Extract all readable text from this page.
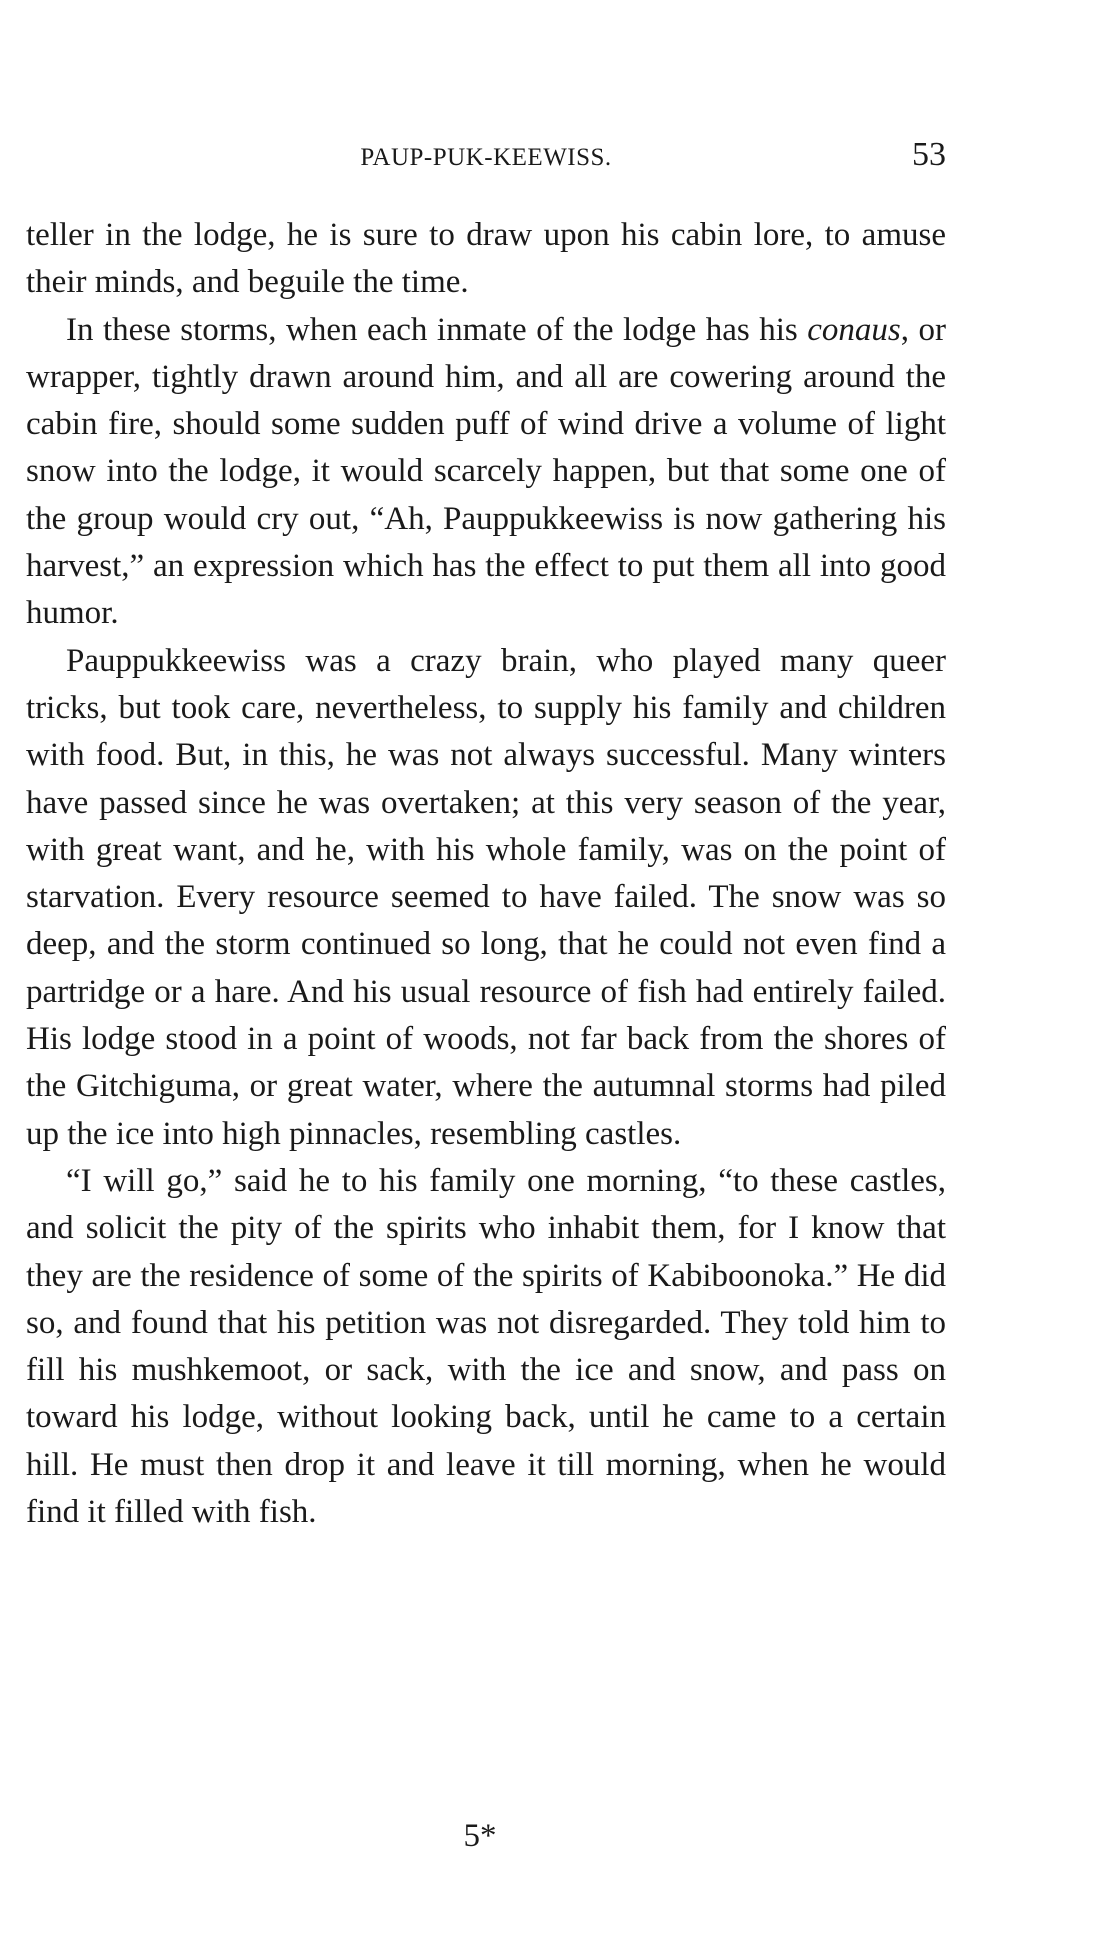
PAUP-PUK-KEEWISS.	53

teller in the lodge, he is sure to draw upon his cabin lore, to amuse their minds, and beguile the time.

In these storms, when each inmate of the lodge has his conaus, or wrapper, tightly drawn around him, and all are cowering around the cabin fire, should some sudden puff of wind drive a volume of light snow into the lodge, it would scarcely happen, but that some one of the group would cry out, “Ah, Pauppukkeewiss is now gathering his harvest,” an expression which has the effect to put them all into good humor.

Pauppukkeewiss was a crazy brain, who played many queer tricks, but took care, nevertheless, to supply his family and children with food. But, in this, he was not always successful. Many winters have passed since he was overtaken; at this very season of the year, with great want, and he, with his whole family, was on the point of starvation. Every resource seemed to have failed. The snow was so deep, and the storm continued so long, that he could not even find a partridge or a hare. And his usual resource of fish had entirely failed. His lodge stood in a point of woods, not far back from the shores of the Gitchiguma, or great water, where the autumnal storms had piled up the ice into high pinnacles, resembling castles.

“I will go,” said he to his family one morning, “to these castles, and solicit the pity of the spirits who inhabit them, for I know that they are the residence of some of the spirits of Kabiboonoka.” He did so, and found that his petition was not disregarded. They told him to fill his mushkemoot, or sack, with the ice and snow, and pass on toward his lodge, without looking back, until he came to a certain hill. He must then drop it and leave it till morning, when he would find it filled with fish.

5*
